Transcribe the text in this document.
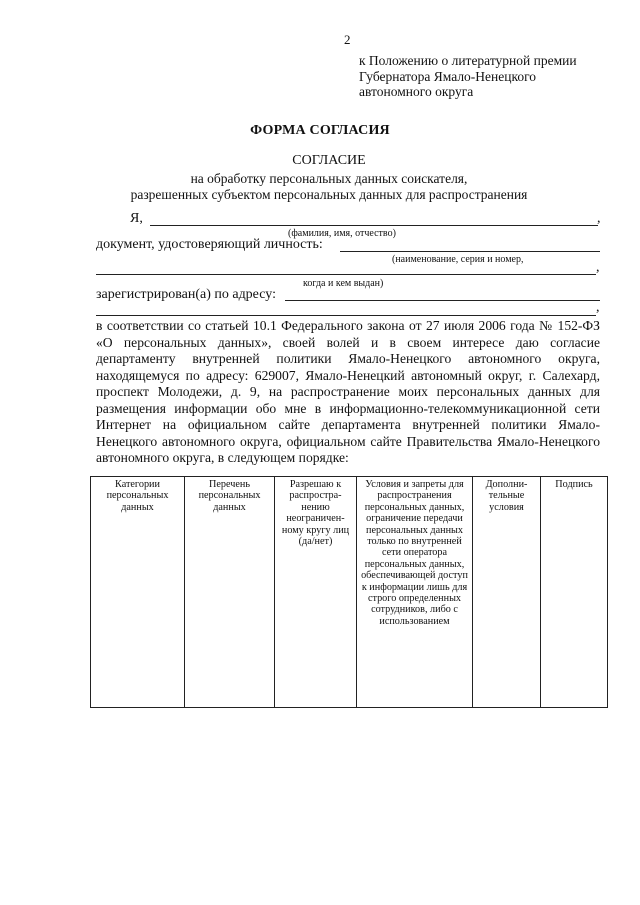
2
к Положению о литературной премии
Губернатора Ямало-Ненецкого
автономного округа
ФОРМА СОГЛАСИЯ
СОГЛАСИЕ
на обработку персональных данных соискателя,
разрешенных субъектом персональных данных для распространения
Я,	,
(фамилия, имя, отчество)
документ, удостоверяющий личность:
(наименование, серия и номер,
,
когда и кем выдан)
зарегистрирован(а) по адресу:
,
в соответствии со статьей 10.1 Федерального закона от 27 июля 2006 года № 152-ФЗ «О персональных данных», своей волей и в своем интересе даю согласие департаменту внутренней политики Ямало-Ненецкого автономного округа, находящемуся по адресу: 629007, Ямало-Ненецкий автономный округ, г. Салехард, проспект Молодежи, д. 9, на распространение моих персональных данных для размещения информации обо мне в информационно-телекоммуникационной сети Интернет на официальном сайте департамента внутренней политики Ямало-Ненецкого автономного округа, официальном сайте Правительства Ямало-Ненецкого автономного округа, в следующем порядке:
Категории персональных данных	Перечень персональных данных	Разрешаю к распростра-нению неограничен-ному кругу лиц (да/нет)	Условия и запреты для распространения персональных данных, ограничение передачи персональных данных только по внутренней сети оператора персональных данных, обеспечивающей доступ к информации лишь для строго определенных сотрудников, либо с использованием	Дополни-тельные условия	Подпись
